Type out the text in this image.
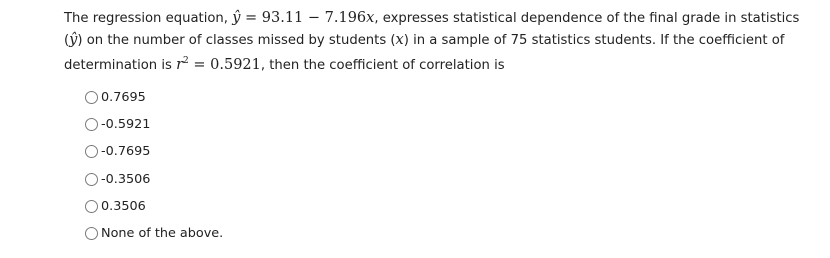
The regression equation, ŷ = 93.11 − 7.196x, expresses statistical dependence of the final grade in statistics (ŷ) on the number of classes missed by students (x) in a sample of 75 statistics students. If the coefficient of determination is $r^2 = 0.5921$, then the coefficient of correlation is
0.7695
-0.5921
-0.7695
-0.3506
0.3506
None of the above.
